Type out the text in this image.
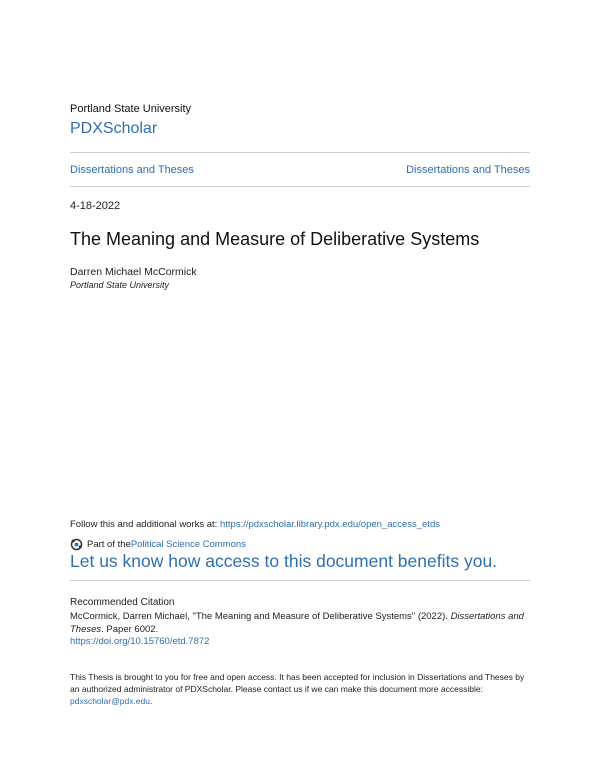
Portland State University
PDXScholar
Dissertations and Theses	Dissertations and Theses
4-18-2022
The Meaning and Measure of Deliberative Systems
Darren Michael McCormick
Portland State University
Follow this and additional works at: https://pdxscholar.library.pdx.edu/open_access_etds
Part of the Political Science Commons
Let us know how access to this document benefits you.
Recommended Citation
McCormick, Darren Michael, "The Meaning and Measure of Deliberative Systems" (2022). Dissertations and Theses. Paper 6002.
https://doi.org/10.15760/etd.7872
This Thesis is brought to you for free and open access. It has been accepted for inclusion in Dissertations and Theses by an authorized administrator of PDXScholar. Please contact us if we can make this document more accessible: pdxscholar@pdx.edu.
